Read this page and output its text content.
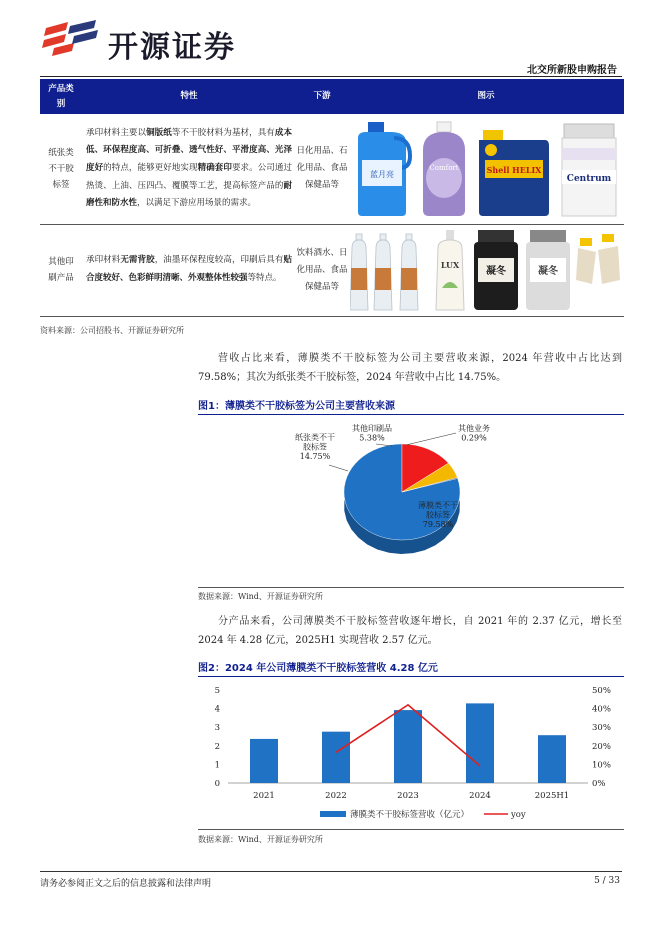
开源证券
北交所新股申购报告
产品类别	特性	下游	图示
纸张类不干胶标签	承印材料主要以铜版纸等不干胶材料为基材，具有成本低、环保程度高、可折叠、透气性好、平滑度高、光泽度好的特点，能够更好地实现精确套印要求。公司通过热烫、上油、压四凸、覆膜等工艺，提高标签产品的耐磨性和防水性，以满足下游应用场景的需求。	日化用品、石化用品、食品保健品等	蓝月亮
Comfort Shell HELIX
Centrum

其他印刷产品	承印材料无需背胶，油墨环保程度较高，印刷后具有贴合度较好、色彩鲜明清晰、外观整体性较强等特点。	饮料酒水、日化用品、食品保健品等	LUX
凝冬 凝冬
资料来源：公司招股书、开源证券研究所
营收占比来看，薄膜类不干胶标签为公司主要营收来源，2024 年营收中占比达到 79.58%；其次为纸张类不干胶标签，2024 年营收中占比 14.75%。
图1：薄膜类不干胶标签为公司主要营收来源
薄膜类不干胶标签 79.58%
纸张类不干胶标签 14.75%
其他印刷品 5.38%
其他业务 0.29%
数据来源：Wind、开源证券研究所
分产品来看，公司薄膜类不干胶标签营收逐年增长，自 2021 年的 2.37 亿元，增长至 2024 年 4.28 亿元，2025H1 实现营收 2.57 亿元。
图2：2024 年公司薄膜类不干胶标签营收 4.28 亿元
0
1
2
3
4
5
0%
10%
20%
30%
40%
50%
2021	2022	2023	2024	2025H1
薄膜类不干胶标签营收（亿元）	yoy
数据来源：Wind、开源证券研究所
请务必参阅正文之后的信息披露和法律声明	5 / 33
